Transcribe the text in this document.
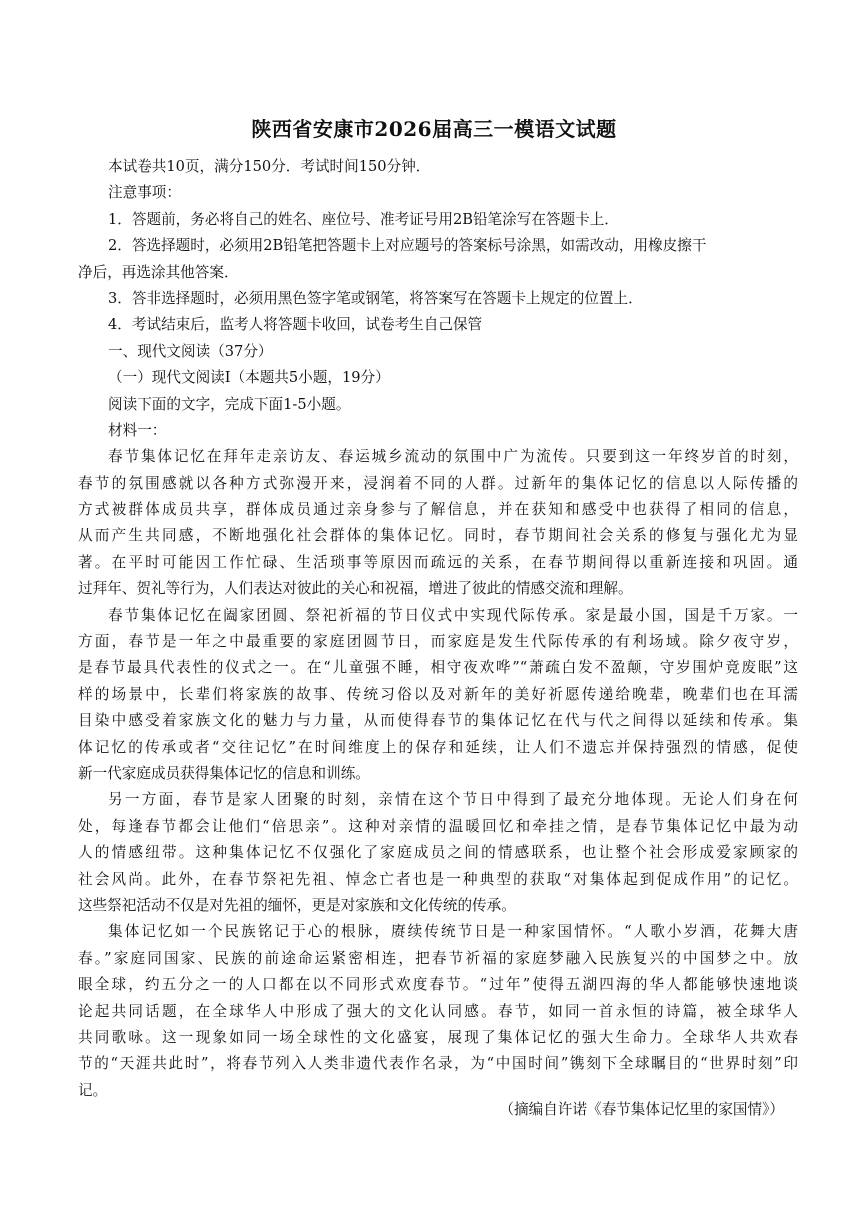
陕西省安康市2026届高三一模语文试题
本试卷共10页，满分150分．考试时间150分钟．
注意事项：
1．答题前，务必将自己的姓名、座位号、准考证号用2B铅笔涂写在答题卡上．
2．答选择题时，必须用2B铅笔把答题卡上对应题号的答案标号涂黑，如需改动，用橡皮擦干
净后，再选涂其他答案．
3．答非选择题时，必须用黑色签字笔或钢笔，将答案写在答题卡上规定的位置上．
4．考试结束后，监考人将答题卡收回，试卷考生自己保管
一、现代文阅读（37分）
（一）现代文阅读Ⅰ（本题共5小题，19分）
阅读下面的文字，完成下面1-5小题。
材料一：
春节集体记忆在拜年走亲访友、春运城乡流动的氛围中广为流传。只要到这一年终岁首的时刻，
春节的氛围感就以各种方式弥漫开来，浸润着不同的人群。过新年的集体记忆的信息以人际传播的
方式被群体成员共享，群体成员通过亲身参与了解信息，并在获知和感受中也获得了相同的信息，
从而产生共同感，不断地强化社会群体的集体记忆。同时，春节期间社会关系的修复与强化尤为显
著。在平时可能因工作忙碌、生活琐事等原因而疏远的关系，在春节期间得以重新连接和巩固。通
过拜年、贺礼等行为，人们表达对彼此的关心和祝福，增进了彼此的情感交流和理解。
春节集体记忆在阖家团圆、祭祀祈福的节日仪式中实现代际传承。家是最小国，国是千万家。一
方面，春节是一年之中最重要的家庭团圆节日，而家庭是发生代际传承的有利场域。除夕夜守岁，
是春节最具代表性的仪式之一。在“儿童强不睡，相守夜欢哗”“萧疏白发不盈颠，守岁围炉竟废眠”这
样的场景中，长辈们将家族的故事、传统习俗以及对新年的美好祈愿传递给晚辈，晚辈们也在耳濡
目染中感受着家族文化的魅力与力量，从而使得春节的集体记忆在代与代之间得以延续和传承。集
体记忆的传承或者“交往记忆”在时间维度上的保存和延续，让人们不遗忘并保持强烈的情感，促使
新一代家庭成员获得集体记忆的信息和训练。
另一方面，春节是家人团聚的时刻，亲情在这个节日中得到了最充分地体现。无论人们身在何
处，每逢春节都会让他们“倍思亲”。这种对亲情的温暖回忆和牵挂之情，是春节集体记忆中最为动
人的情感纽带。这种集体记忆不仅强化了家庭成员之间的情感联系，也让整个社会形成爱家顾家的
社会风尚。此外，在春节祭祀先祖、悼念亡者也是一种典型的获取“对集体起到促成作用”的记忆。
这些祭祀活动不仅是对先祖的缅怀，更是对家族和文化传统的传承。
集体记忆如一个民族铭记于心的根脉，赓续传统节日是一种家国情怀。“人歌小岁酒，花舞大唐
春。”家庭同国家、民族的前途命运紧密相连，把春节祈福的家庭梦融入民族复兴的中国梦之中。放
眼全球，约五分之一的人口都在以不同形式欢度春节。“过年”使得五湖四海的华人都能够快速地谈
论起共同话题，在全球华人中形成了强大的文化认同感。春节，如同一首永恒的诗篇，被全球华人
共同歌咏。这一现象如同一场全球性的文化盛宴，展现了集体记忆的强大生命力。全球华人共欢春
节的“天涯共此时”，将春节列入人类非遗代表作名录，为“中国时间”镌刻下全球瞩目的“世界时刻”印
记。
（摘编自许诺《春节集体记忆里的家国情》）
